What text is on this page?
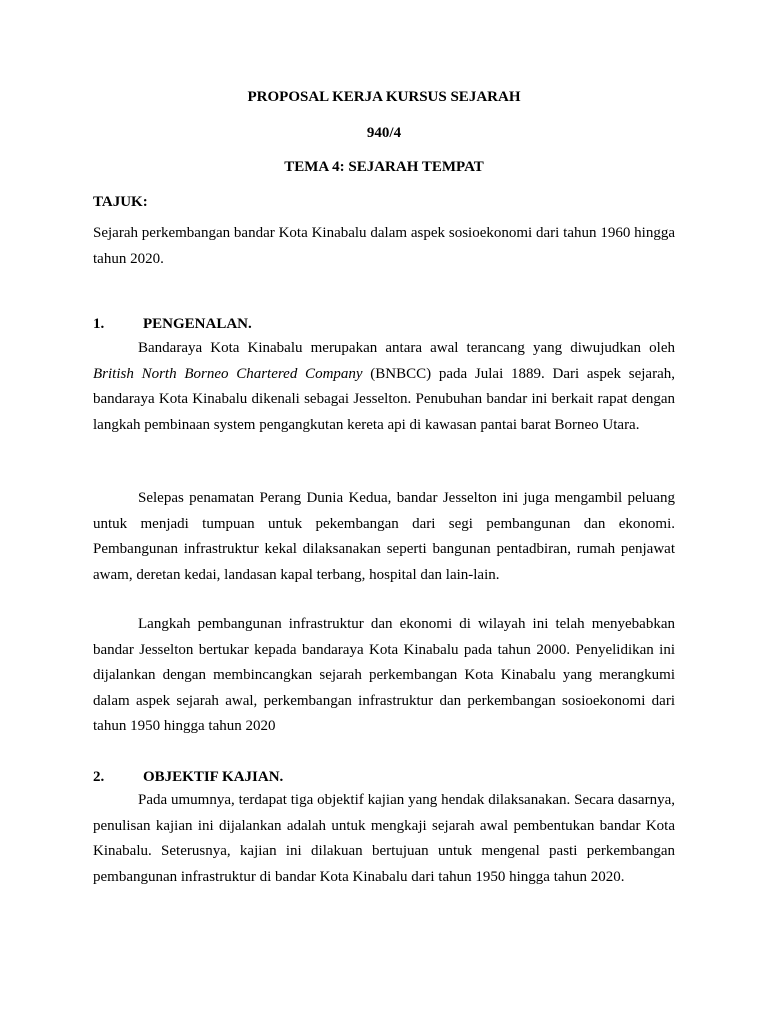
PROPOSAL KERJA KURSUS SEJARAH

940/4

TEMA 4: SEJARAH TEMPAT

TAJUK:

Sejarah perkembangan bandar Kota Kinabalu dalam aspek sosioekonomi dari tahun 1960 hingga tahun 2020.

1.	PENGENALAN.

Bandaraya Kota Kinabalu merupakan antara awal terancang yang diwujudkan oleh British North Borneo Chartered Company (BNBCC) pada Julai 1889. Dari aspek sejarah, bandaraya Kota Kinabalu dikenali sebagai Jesselton. Penubuhan bandar ini berkait rapat dengan langkah pembinaan system pengangkutan kereta api di kawasan pantai barat Borneo Utara.

Selepas penamatan Perang Dunia Kedua, bandar Jesselton ini juga mengambil peluang untuk menjadi tumpuan untuk pekembangan dari segi pembangunan dan ekonomi. Pembangunan infrastruktur kekal dilaksanakan seperti bangunan pentadbiran, rumah penjawat awam, deretan kedai, landasan kapal terbang, hospital dan lain-lain.

Langkah pembangunan infrastruktur dan ekonomi di wilayah ini telah menyebabkan bandar Jesselton bertukar kepada bandaraya Kota Kinabalu pada tahun 2000. Penyelidikan ini dijalankan dengan membincangkan sejarah perkembangan Kota Kinabalu yang merangkumi dalam aspek sejarah awal, perkembangan infrastruktur dan perkembangan sosioekonomi dari tahun 1950 hingga tahun 2020

2.	OBJEKTIF KAJIAN.

Pada umumnya, terdapat tiga objektif kajian yang hendak dilaksanakan. Secara dasarnya, penulisan kajian ini dijalankan adalah untuk mengkaji sejarah awal pembentukan bandar Kota Kinabalu. Seterusnya, kajian ini dilakuan bertujuan untuk mengenal pasti perkembangan pembangunan infrastruktur di bandar Kota Kinabalu dari tahun 1950 hingga tahun 2020.
